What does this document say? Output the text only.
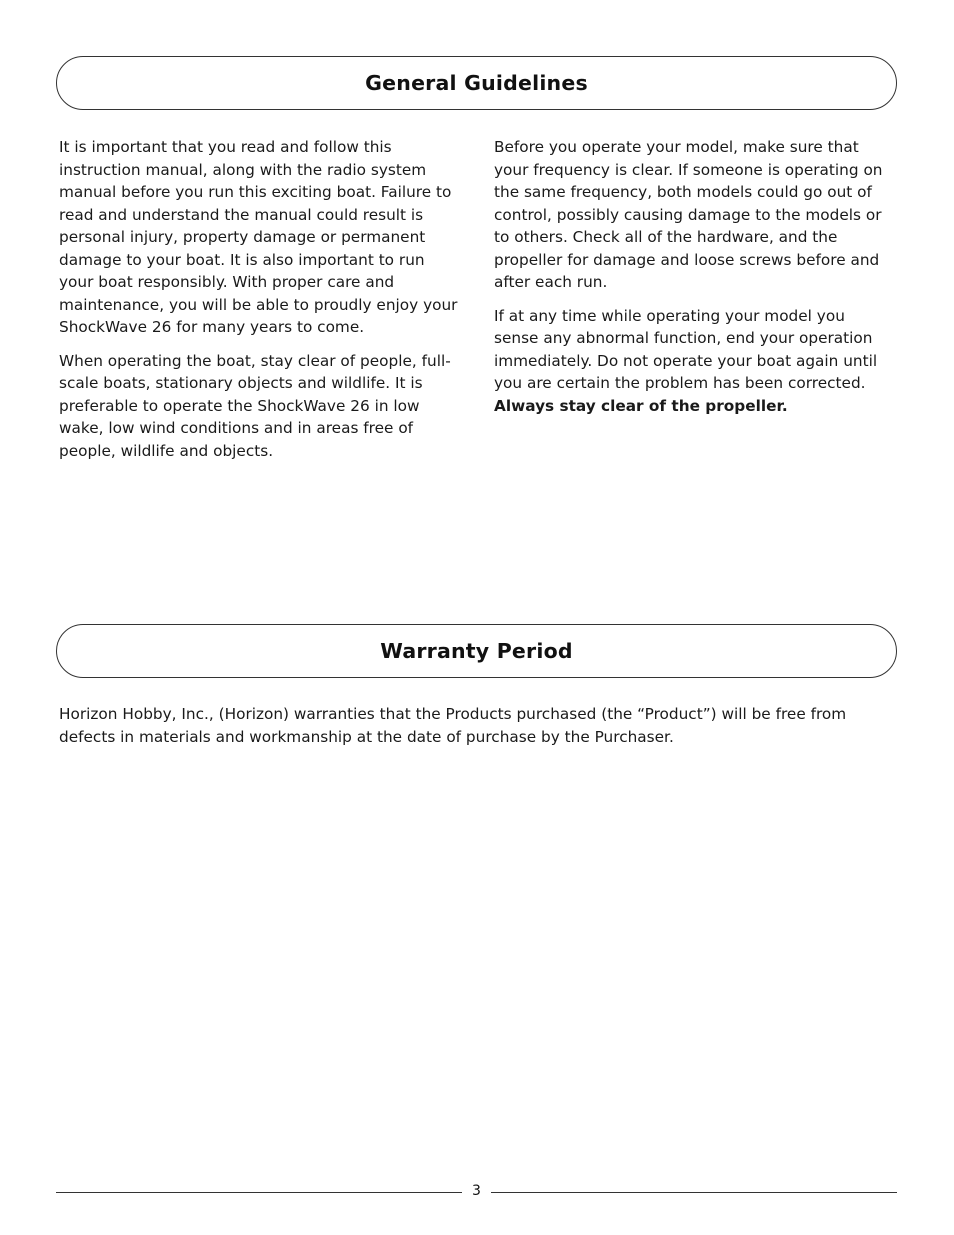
General Guidelines

It is important that you read and follow this instruction manual, along with the radio system manual before you run this exciting boat. Failure to read and understand the manual could result is personal injury, property damage or permanent damage to your boat. It is also important to run your boat responsibly. With proper care and maintenance, you will be able to proudly enjoy your ShockWave 26 for many years to come.

When operating the boat, stay clear of people, full-scale boats, stationary objects and wildlife. It is preferable to operate the ShockWave 26 in low wake, low wind conditions and in areas free of people, wildlife and objects.

Before you operate your model, make sure that your frequency is clear. If someone is operating on the same frequency, both models could go out of control, possibly causing damage to the models or to others. Check all of the hardware, and the propeller for damage and loose screws before and after each run.

If at any time while operating your model you sense any abnormal function, end your operation immediately. Do not operate your boat again until you are certain the problem has been corrected.
Always stay clear of the propeller.

Warranty Period

Horizon Hobby, Inc., (Horizon) warranties that the Products purchased (the “Product”) will be free from defects in materials and workmanship at the date of purchase by the Purchaser.

3
